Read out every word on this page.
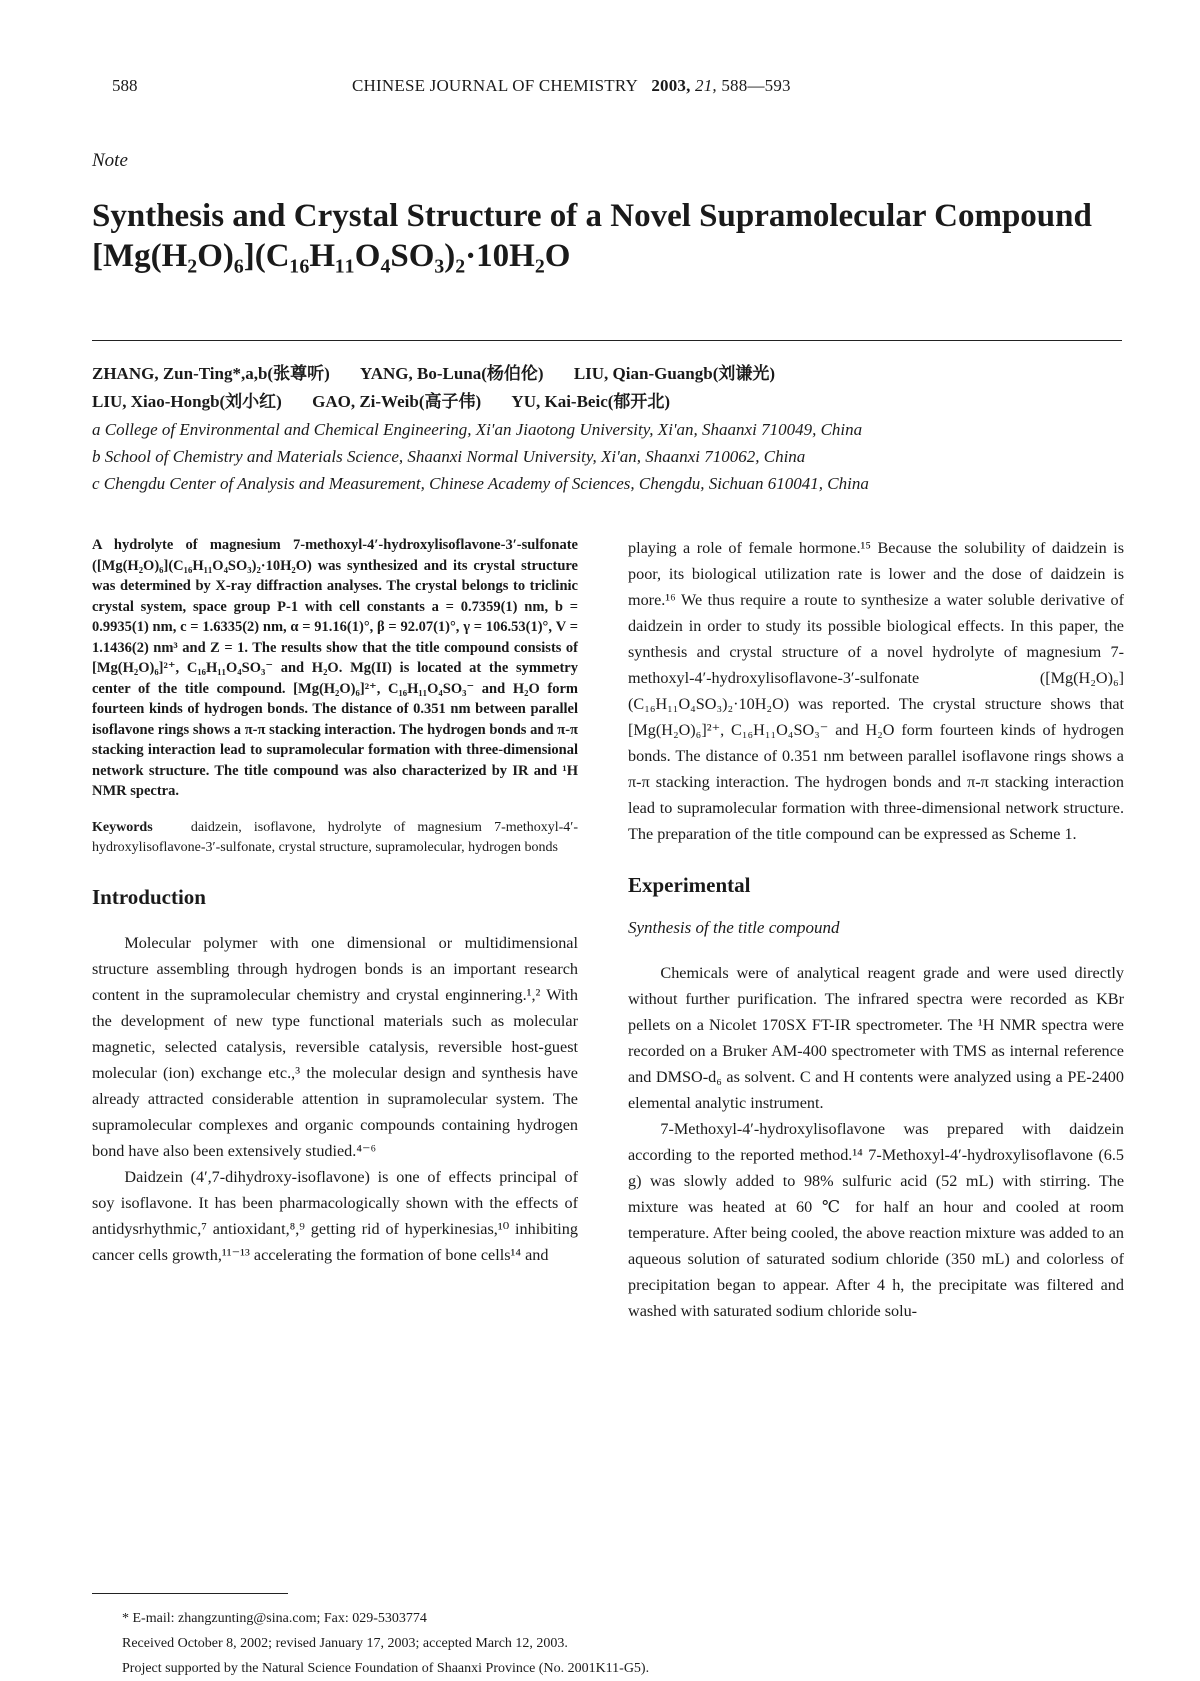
588	CHINESE JOURNAL OF CHEMISTRY 2003, 21, 588—593
Note
Synthesis and Crystal Structure of a Novel Supramolecular Compound [Mg(H₂O)₆](C₁₆H₁₁O₄SO₃)₂·10H₂O
ZHANG, Zun-Ting*,a,b(张尊听) YANG, Bo-Luna(杨伯伦) LIU, Qian-Guangb(刘谦光)
LIU, Xiao-Hongb(刘小红) GAO, Zi-Weib(高子伟) YU, Kai-Beic(郁开北)
a College of Environmental and Chemical Engineering, Xi'an Jiaotong University, Xi'an, Shaanxi 710049, China
b School of Chemistry and Materials Science, Shaanxi Normal University, Xi'an, Shaanxi 710062, China
c Chengdu Center of Analysis and Measurement, Chinese Academy of Sciences, Chengdu, Sichuan 610041, China

A hydrolyte of magnesium 7-methoxyl-4′-hydroxylisoflavone-3′-sulfonate ([Mg(H₂O)₆](C₁₆H₁₁O₄SO₃)₂·10H₂O) was synthesized and its crystal structure was determined by X-ray diffraction analyses. The crystal belongs to triclinic crystal system, space group P-1 with cell constants a = 0.7359(1) nm, b = 0.9935(1) nm, c = 1.6335(2) nm, α = 91.16(1)°, β = 92.07(1)°, γ = 106.53(1)°, V = 1.1436(2) nm³ and Z = 1. The results show that the title compound consists of [Mg(H₂O)₆]²⁺, C₁₆H₁₁O₄SO₃⁻ and H₂O. Mg(II) is located at the symmetry center of the title compound. [Mg(H₂O)₆]²⁺, C₁₆H₁₁O₄SO₃⁻ and H₂O form fourteen kinds of hydrogen bonds. The distance of 0.351 nm between parallel isoflavone rings shows a π-π stacking interaction. The hydrogen bonds and π-π stacking interaction lead to supramolecular formation with three-dimensional network structure. The title compound was also characterized by IR and ¹H NMR spectra.

Keywords	daidzein, isoflavone, hydrolyte of magnesium 7-methoxyl-4′-hydroxylisoflavone-3′-sulfonate, crystal structure, supramolecular, hydrogen bonds
Introduction

Molecular polymer with one dimensional or multidimensional structure assembling through hydrogen bonds is an important research content in the supramolecular chemistry and crystal enginnering.¹,² With the development of new type functional materials such as molecular magnetic, selected catalysis, reversible catalysis, reversible host-guest molecular (ion) exchange etc.,³ the molecular design and synthesis have already attracted considerable attention in supramolecular system. The supramolecular complexes and organic compounds containing hydrogen bond have also been extensively studied.⁴⁻⁶

Daidzein (4′,7-dihydroxy-isoflavone) is one of effects principal of soy isoflavone. It has been pharmacologically shown with the effects of antidysrhythmic,⁷ antioxidant,⁸,⁹ getting rid of hyperkinesias,¹⁰ inhibiting cancer cells growth,¹¹⁻¹³ accelerating the formation of bone cells¹⁴ and

playing a role of female hormone.¹⁵ Because the solubility of daidzein is poor, its biological utilization rate is lower and the dose of daidzein is more.¹⁶ We thus require a route to synthesize a water soluble derivative of daidzein in order to study its possible biological effects. In this paper, the synthesis and crystal structure of a novel hydrolyte of magnesium 7-methoxyl-4′-hydroxylisoflavone-3′-sulfonate ([Mg(H₂O)₆](C₁₆H₁₁O₄SO₃)₂·10H₂O) was reported. The crystal structure shows that [Mg(H₂O)₆]²⁺, C₁₆H₁₁O₄SO₃⁻ and H₂O form fourteen kinds of hydrogen bonds. The distance of 0.351 nm between parallel isoflavone rings shows a π-π stacking interaction. The hydrogen bonds and π-π stacking interaction lead to supramolecular formation with three-dimensional network structure. The preparation of the title compound can be expressed as Scheme 1.

Experimental
Synthesis of the title compound

Chemicals were of analytical reagent grade and were used directly without further purification. The infrared spectra were recorded as KBr pellets on a Nicolet 170SX FT-IR spectrometer. The ¹H NMR spectra were recorded on a Bruker AM-400 spectrometer with TMS as internal reference and DMSO-d₆ as solvent. C and H contents were analyzed using a PE-2400 elemental analytic instrument.

7-Methoxyl-4′-hydroxylisoflavone was prepared with daidzein according to the reported method.¹⁴ 7-Methoxyl-4′-hydroxylisoflavone (6.5 g) was slowly added to 98% sulfuric acid (52 mL) with stirring. The mixture was heated at 60 ℃ for half an hour and cooled at room temperature. After being cooled, the above reaction mixture was added to an aqueous solution of saturated sodium chloride (350 mL) and colorless of precipitation began to appear. After 4 h, the precipitate was filtered and washed with saturated sodium chloride solu-

* E-mail: zhangzunting@sina.com; Fax: 029-5303774
Received October 8, 2002; revised January 17, 2003; accepted March 12, 2003.
Project supported by the Natural Science Foundation of Shaanxi Province (No. 2001K11-G5).
